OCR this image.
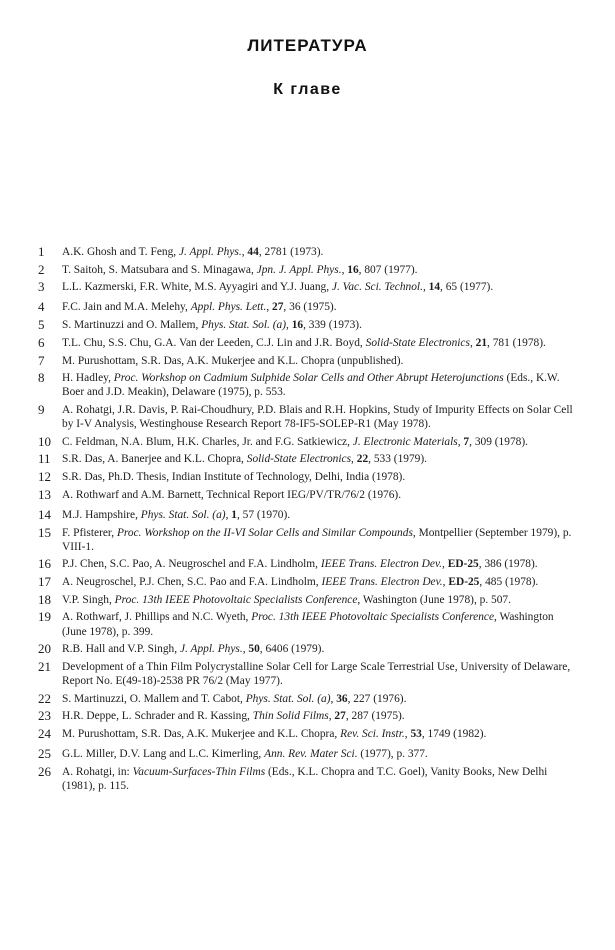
ЛИТЕРАТУРА
К главе
1 A.K. Ghosh and T. Feng, J. Appl. Phys., 44, 2781 (1973).
2 T. Saitoh, S. Matsubara and S. Minagawa, Jpn. J. Appl. Phys., 16, 807 (1977).
3 L.L. Kazmerski, F.R. White, M.S. Ayyagiri and Y.J. Juang, J. Vac. Sci. Technol., 14, 65 (1977).
4 F.C. Jain and M.A. Melehy, Appl. Phys. Lett., 27, 36 (1975).
5 S. Martinuzzi and O. Mallem, Phys. Stat. Sol. (a), 16, 339 (1973).
6 T.L. Chu, S.S. Chu, G.A. Van der Leeden, C.J. Lin and J.R. Boyd, Solid-State Electronics, 21, 781 (1978).
7 M. Purushottam, S.R. Das, A.K. Mukerjee and K.L. Chopra (unpublished).
8 H. Hadley, Proc. Workshop on Cadmium Sulphide Solar Cells and Other Abrupt Heterojunctions (Eds., K.W. Boer and J.D. Meakin), Delaware (1975), p. 553.
9 A. Rohatgi, J.R. Davis, P. Rai-Choudhury, P.D. Blais and R.H. Hopkins, Study of Impurity Effects on Solar Cell by I-V Analysis, Westinghouse Research Report 78-IF5-SOLEP-R1 (May 1978).
10 C. Feldman, N.A. Blum, H.K. Charles, Jr. and F.G. Satkiewicz, J. Electronic Materials, 7, 309 (1978).
11 S.R. Das, A. Banerjee and K.L. Chopra, Solid-State Electronics, 22, 533 (1979).
12 S.R. Das, Ph.D. Thesis, Indian Institute of Technology, Delhi, India (1978).
13 A. Rothwarf and A.M. Barnett, Technical Report IEG/PV/TR/76/2 (1976).
14 M.J. Hampshire, Phys. Stat. Sol. (a), 1, 57 (1970).
15 F. Pfisterer, Proc. Workshop on the II-VI Solar Cells and Similar Compounds, Montpellier (September 1979), p. VIII-1.
16 P.J. Chen, S.C. Pao, A. Neugroschel and F.A. Lindholm, IEEE Trans. Electron Dev., ED-25, 386 (1978).
17 A. Neugroschel, P.J. Chen, S.C. Pao and F.A. Lindholm, IEEE Trans. Electron Dev., ED-25, 485 (1978).
18 V.P. Singh, Proc. 13th IEEE Photovoltaic Specialists Conference, Washington (June 1978), p. 507.
19 A. Rothwarf, J. Phillips and N.C. Wyeth, Proc. 13th IEEE Photovoltaic Specialists Conference, Washington (June 1978), p. 399.
20 R.B. Hall and V.P. Singh, J. Appl. Phys., 50, 6406 (1979).
21 Development of a Thin Film Polycrystalline Solar Cell for Large Scale Terrestrial Use, University of Delaware, Report No. E(49-18)-2538 PR 76/2 (May 1977).
22 S. Martinuzzi, O. Mallem and T. Cabot, Phys. Stat. Sol. (a), 36, 227 (1976).
23 H.R. Deppe, L. Schrader and R. Kassing, Thin Solid Films, 27, 287 (1975).
24 M. Purushottam, S.R. Das, A.K. Mukerjee and K.L. Chopra, Rev. Sci. Instr., 53, 1749 (1982).
25 G.L. Miller, D.V. Lang and L.C. Kimerling, Ann. Rev. Mater Sci. (1977), p. 377.
26 A. Rohatgi, in: Vacuum-Surfaces-Thin Films (Eds., K.L. Chopra and T.C. Goel), Vanity Books, New Delhi (1981), p. 115.
